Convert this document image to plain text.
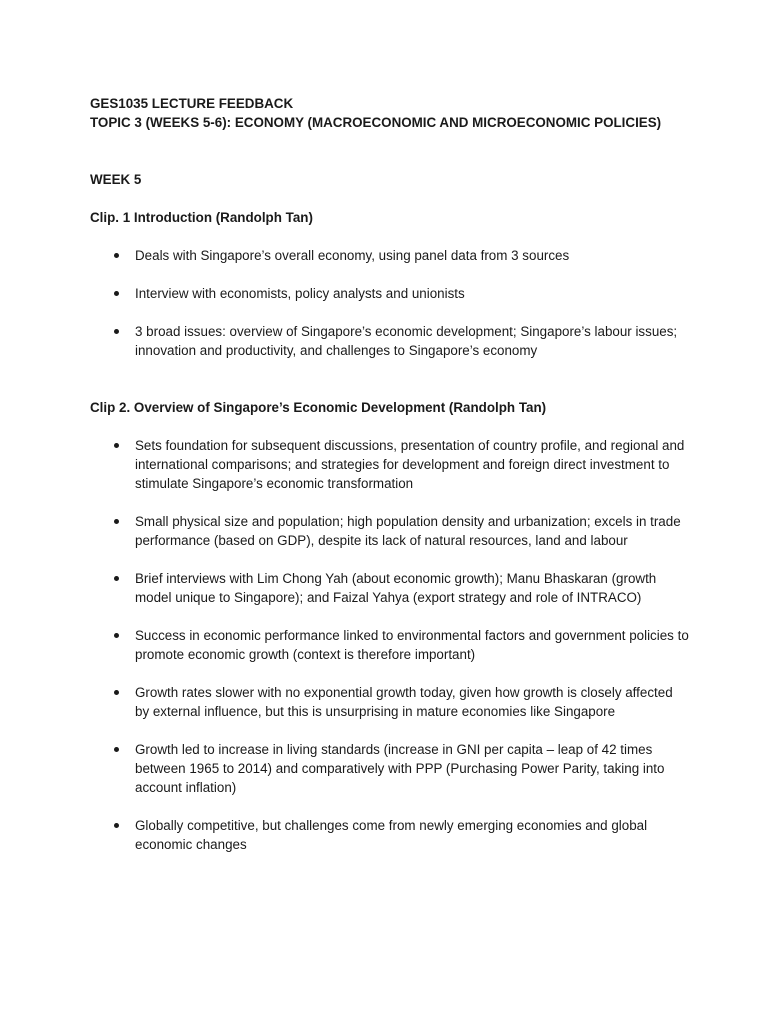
GES1035 LECTURE FEEDBACK

TOPIC 3 (WEEKS 5-6): ECONOMY (MACROECONOMIC AND MICROECONOMIC POLICIES)

WEEK 5

Clip. 1 Introduction (Randolph Tan)

Deals with Singapore’s overall economy, using panel data from 3 sources
Interview with economists, policy analysts and unionists
3 broad issues: overview of Singapore’s economic development; Singapore’s labour issues; innovation and productivity, and challenges to Singapore’s economy

Clip 2. Overview of Singapore’s Economic Development (Randolph Tan)

Sets foundation for subsequent discussions, presentation of country profile, and regional and international comparisons; and strategies for development and foreign direct investment to stimulate Singapore’s economic transformation
Small physical size and population; high population density and urbanization; excels in trade performance (based on GDP), despite its lack of natural resources, land and labour
Brief interviews with Lim Chong Yah (about economic growth); Manu Bhaskaran (growth model unique to Singapore); and Faizal Yahya (export strategy and role of INTRACO)
Success in economic performance linked to environmental factors and government policies to promote economic growth (context is therefore important)
Growth rates slower with no exponential growth today, given how growth is closely affected by external influence, but this is unsurprising in mature economies like Singapore
Growth led to increase in living standards (increase in GNI per capita – leap of 42 times between 1965 to 2014) and comparatively with PPP (Purchasing Power Parity, taking into account inflation)
Globally competitive, but challenges come from newly emerging economies and global economic changes
